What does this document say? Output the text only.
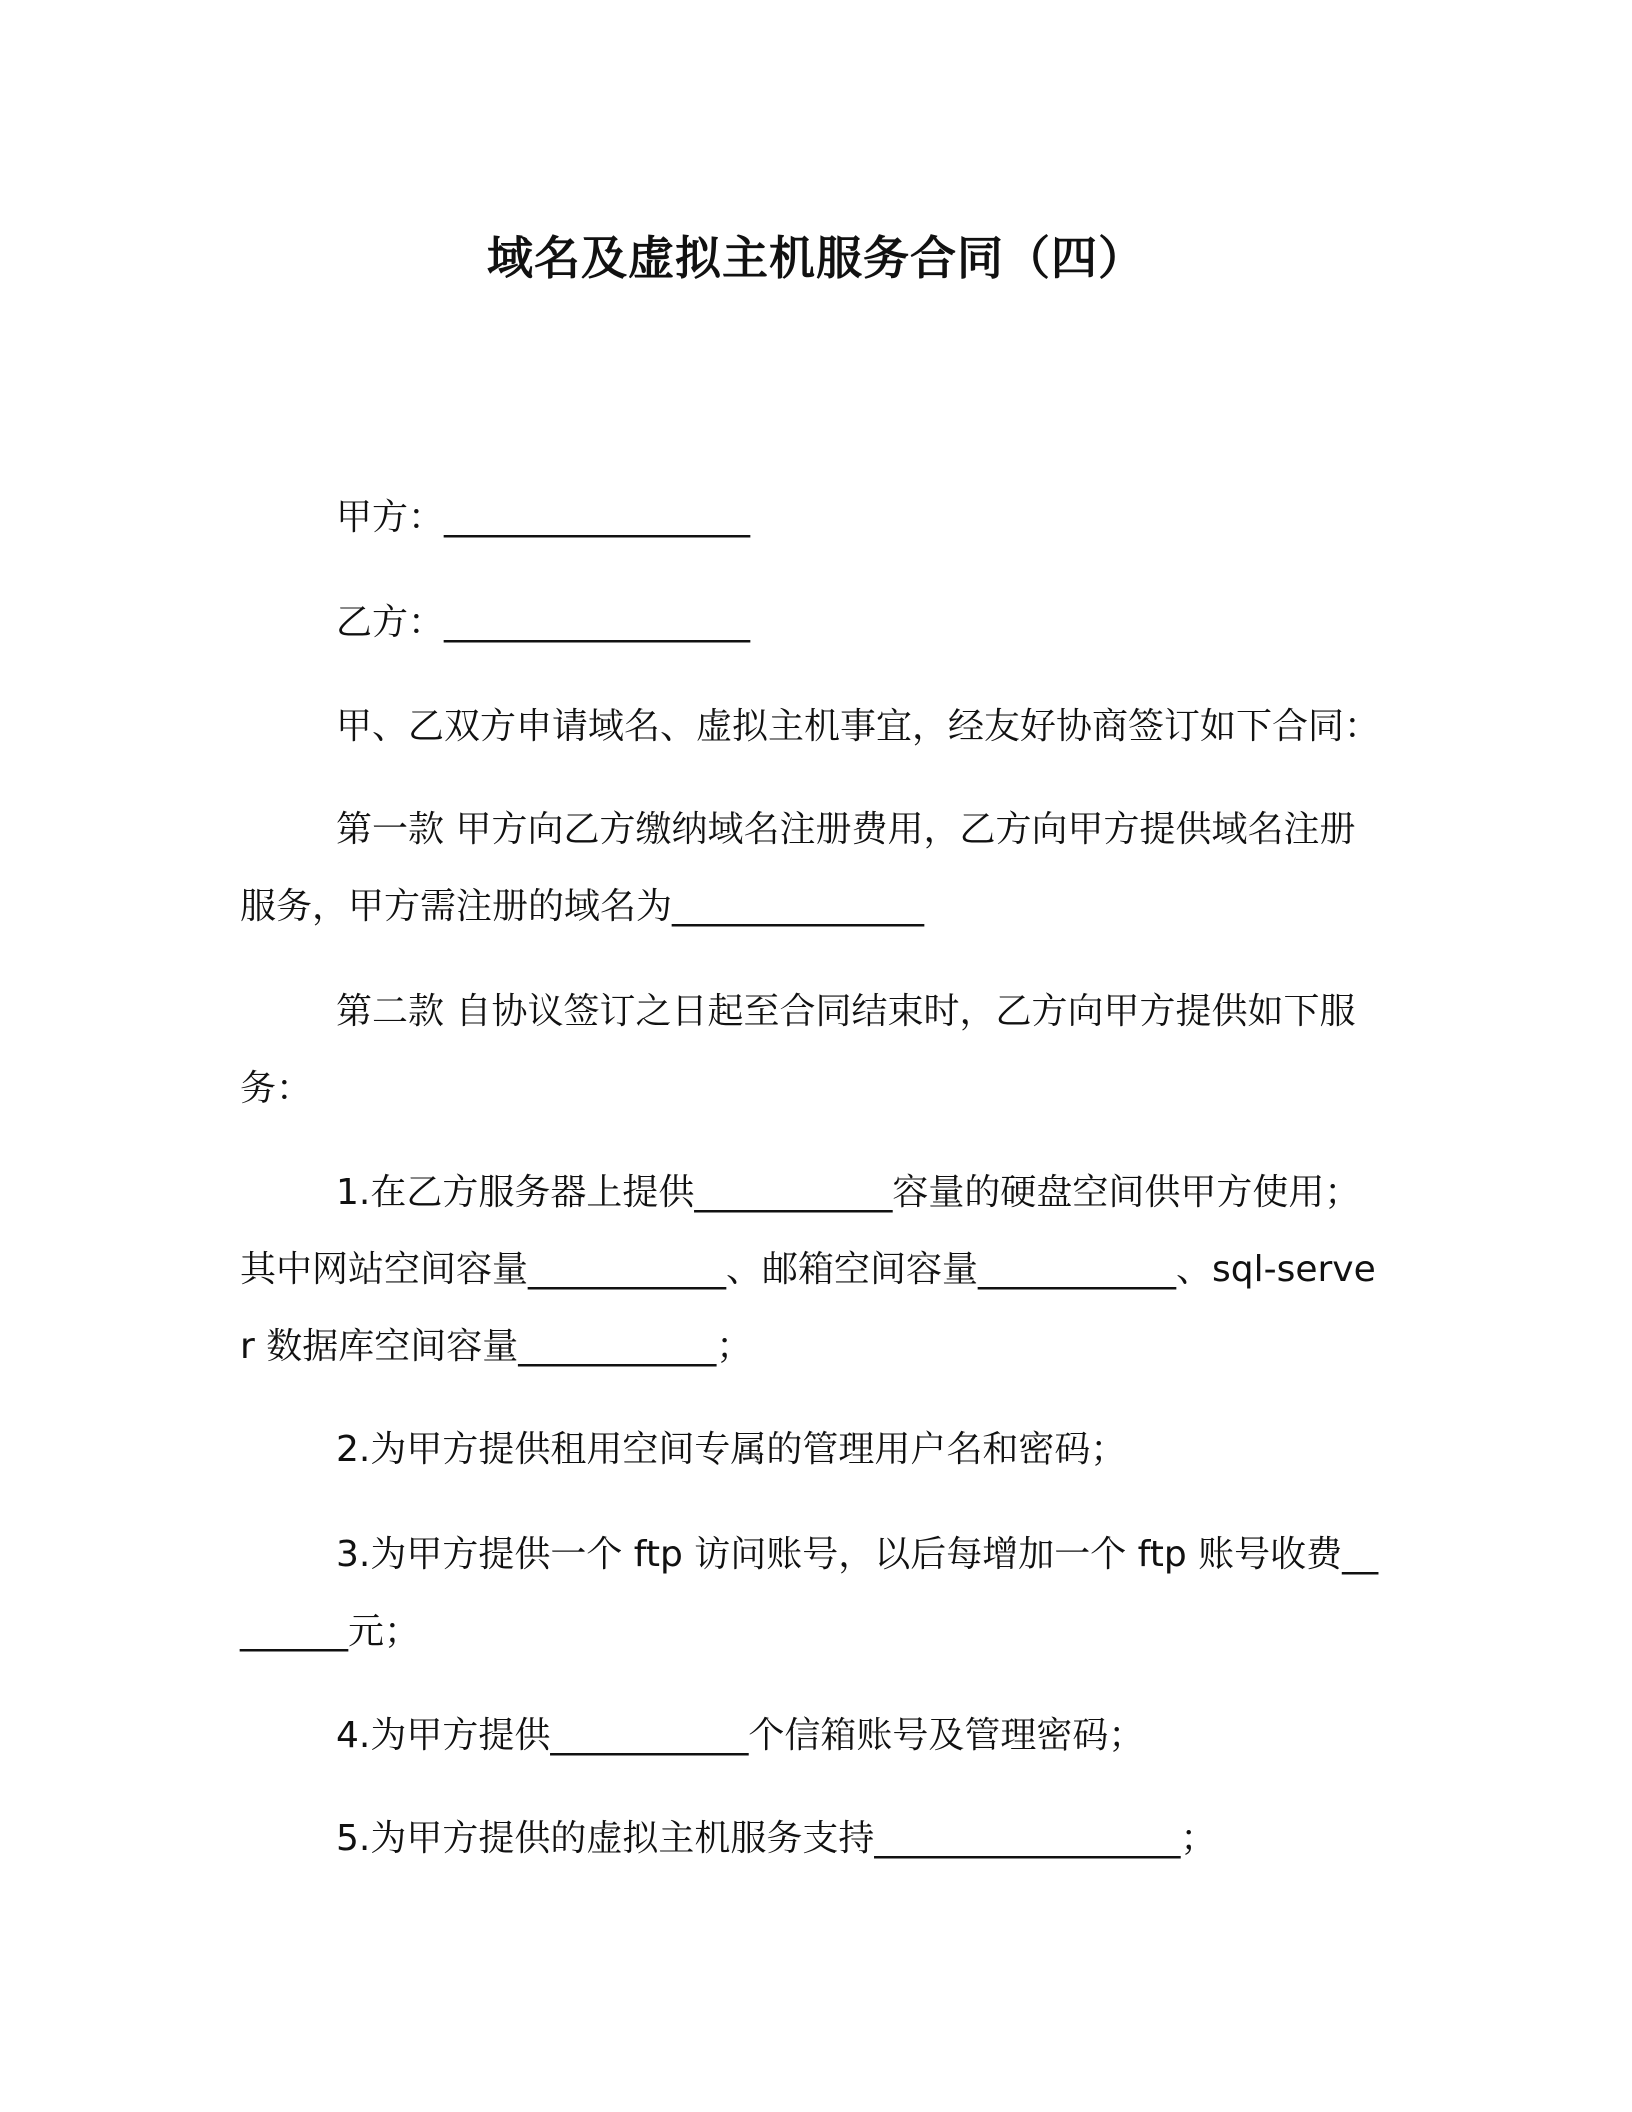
域名及虚拟主机服务合同（四）

甲方：_________________

乙方：_________________

甲、乙双方申请域名、虚拟主机事宜，经友好协商签订如下合同：

第一款 甲方向乙方缴纳域名注册费用，乙方向甲方提供域名注册服务，甲方需注册的域名为______________

第二款 自协议签订之日起至合同结束时，乙方向甲方提供如下服务：

1.在乙方服务器上提供___________容量的硬盘空间供甲方使用；其中网站空间容量___________、邮箱空间容量___________、sql-server 数据库空间容量___________；

2.为甲方提供租用空间专属的管理用户名和密码；

3.为甲方提供一个 ftp 访问账号，以后每增加一个 ftp 账号收费________元；

4.为甲方提供___________个信箱账号及管理密码；

5.为甲方提供的虚拟主机服务支持_________________；
